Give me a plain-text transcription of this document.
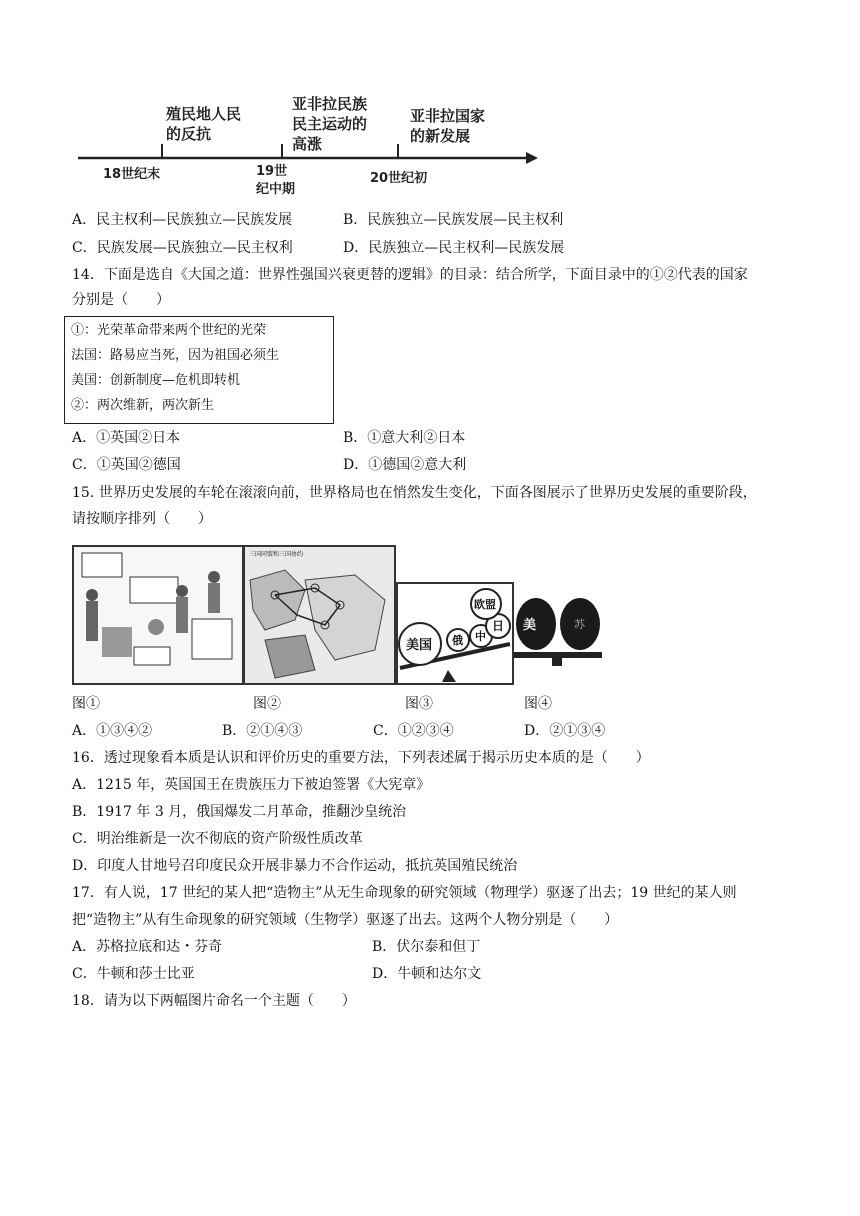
殖民地人民
的反抗
亚非拉民族
民主运动的
高涨
亚非拉国家
的新发展
18世纪末	19世
纪中期
20世纪初
A．民主权利—民族独立—民族发展	B．民族独立—民族发展—民主权利
C．民族发展—民族独立—民主权利	D．民族独立—民主权利—民族发展
14．下面是选自《大国之道：世界性强国兴衰更替的逻辑》的目录：结合所学，下面目录中的①②代表的国家
分别是（　　）
①：光荣革命带来两个世纪的光荣
法国：路易应当死，因为祖国必须生
美国：创新制度—危机即转机
②：两次维新，两次新生
A．①英国②日本	B．①意大利②日本
C．①英国②德国	D．①德国②意大利
15. 世界历史发展的车轮在滚滚向前，世界格局也在悄然发生变化，下面各图展示了世界历史发展的重要阶段，
请按顺序排列（　　）
三国同盟和三国协约
美国 俄 中
日
欧盟
美	苏
图①	图②	图③	图④
A．①③④②	B．②①④③	C．①②③④	D．②①③④
16．透过现象看本质是认识和评价历史的重要方法，下列表述属于揭示历史本质的是（　　）
A．1215 年，英国国王在贵族压力下被迫签署《大宪章》
B．1917 年 3 月，俄国爆发二月革命，推翻沙皇统治
C．明治维新是一次不彻底的资产阶级性质改革
D．印度人甘地号召印度民众开展非暴力不合作运动，抵抗英国殖民统治
17．有人说，17 世纪的某人把“造物主”从无生命现象的研究领域（物理学）驱逐了出去；19 世纪的某人则
把“造物主”从有生命现象的研究领域（生物学）驱逐了出去。这两个人物分别是（　　）
A．苏格拉底和达・芬奇	B．伏尔泰和但丁
C．牛顿和莎士比亚	D．牛顿和达尔文
18．请为以下两幅图片命名一个主题（　　）
